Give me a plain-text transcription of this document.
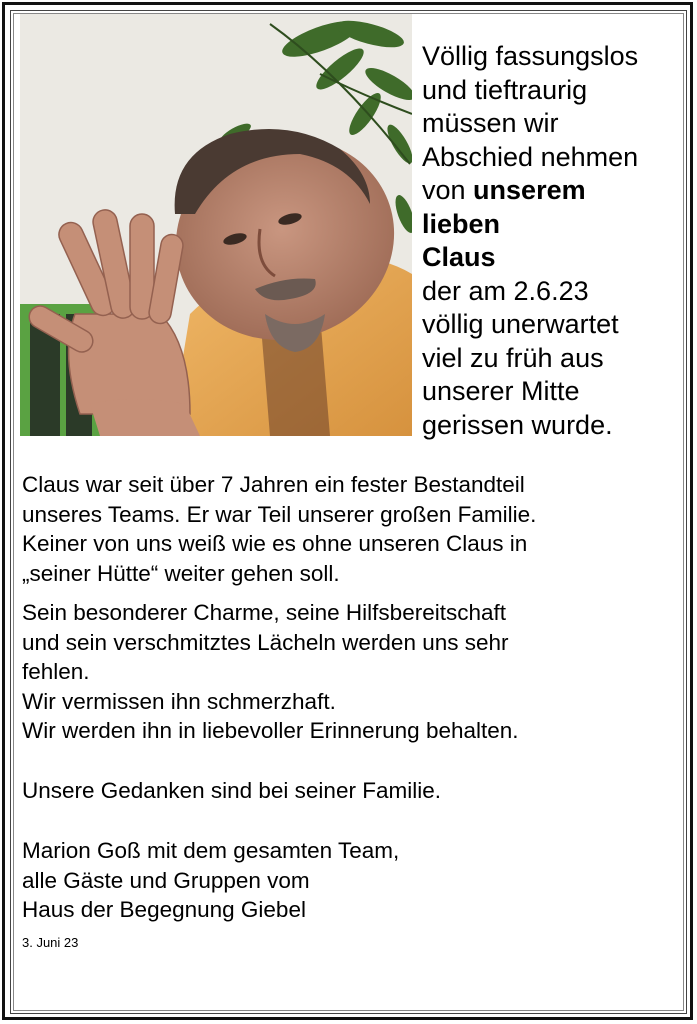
Völlig fassungslos
und tieftraurig
müssen wir
Abschied nehmen
von unserem
lieben
Claus
der am 2.6.23
völlig unerwartet
viel zu früh aus
unserer Mitte
gerissen wurde.
Claus war seit über 7 Jahren ein fester Bestandteil
unseres Teams. Er war Teil unserer großen Familie.
Keiner von uns weiß wie es ohne unseren Claus in
„seiner Hütte“ weiter gehen soll.
Sein besonderer Charme, seine Hilfsbereitschaft
und sein verschmitztes Lächeln werden uns sehr
fehlen.
Wir vermissen ihn schmerzhaft.
Wir werden ihn in liebevoller Erinnerung behalten.
Unsere Gedanken sind bei seiner Familie.
Marion Goß mit dem gesamten Team,
alle Gäste und Gruppen vom
Haus der Begegnung Giebel
3. Juni 23
